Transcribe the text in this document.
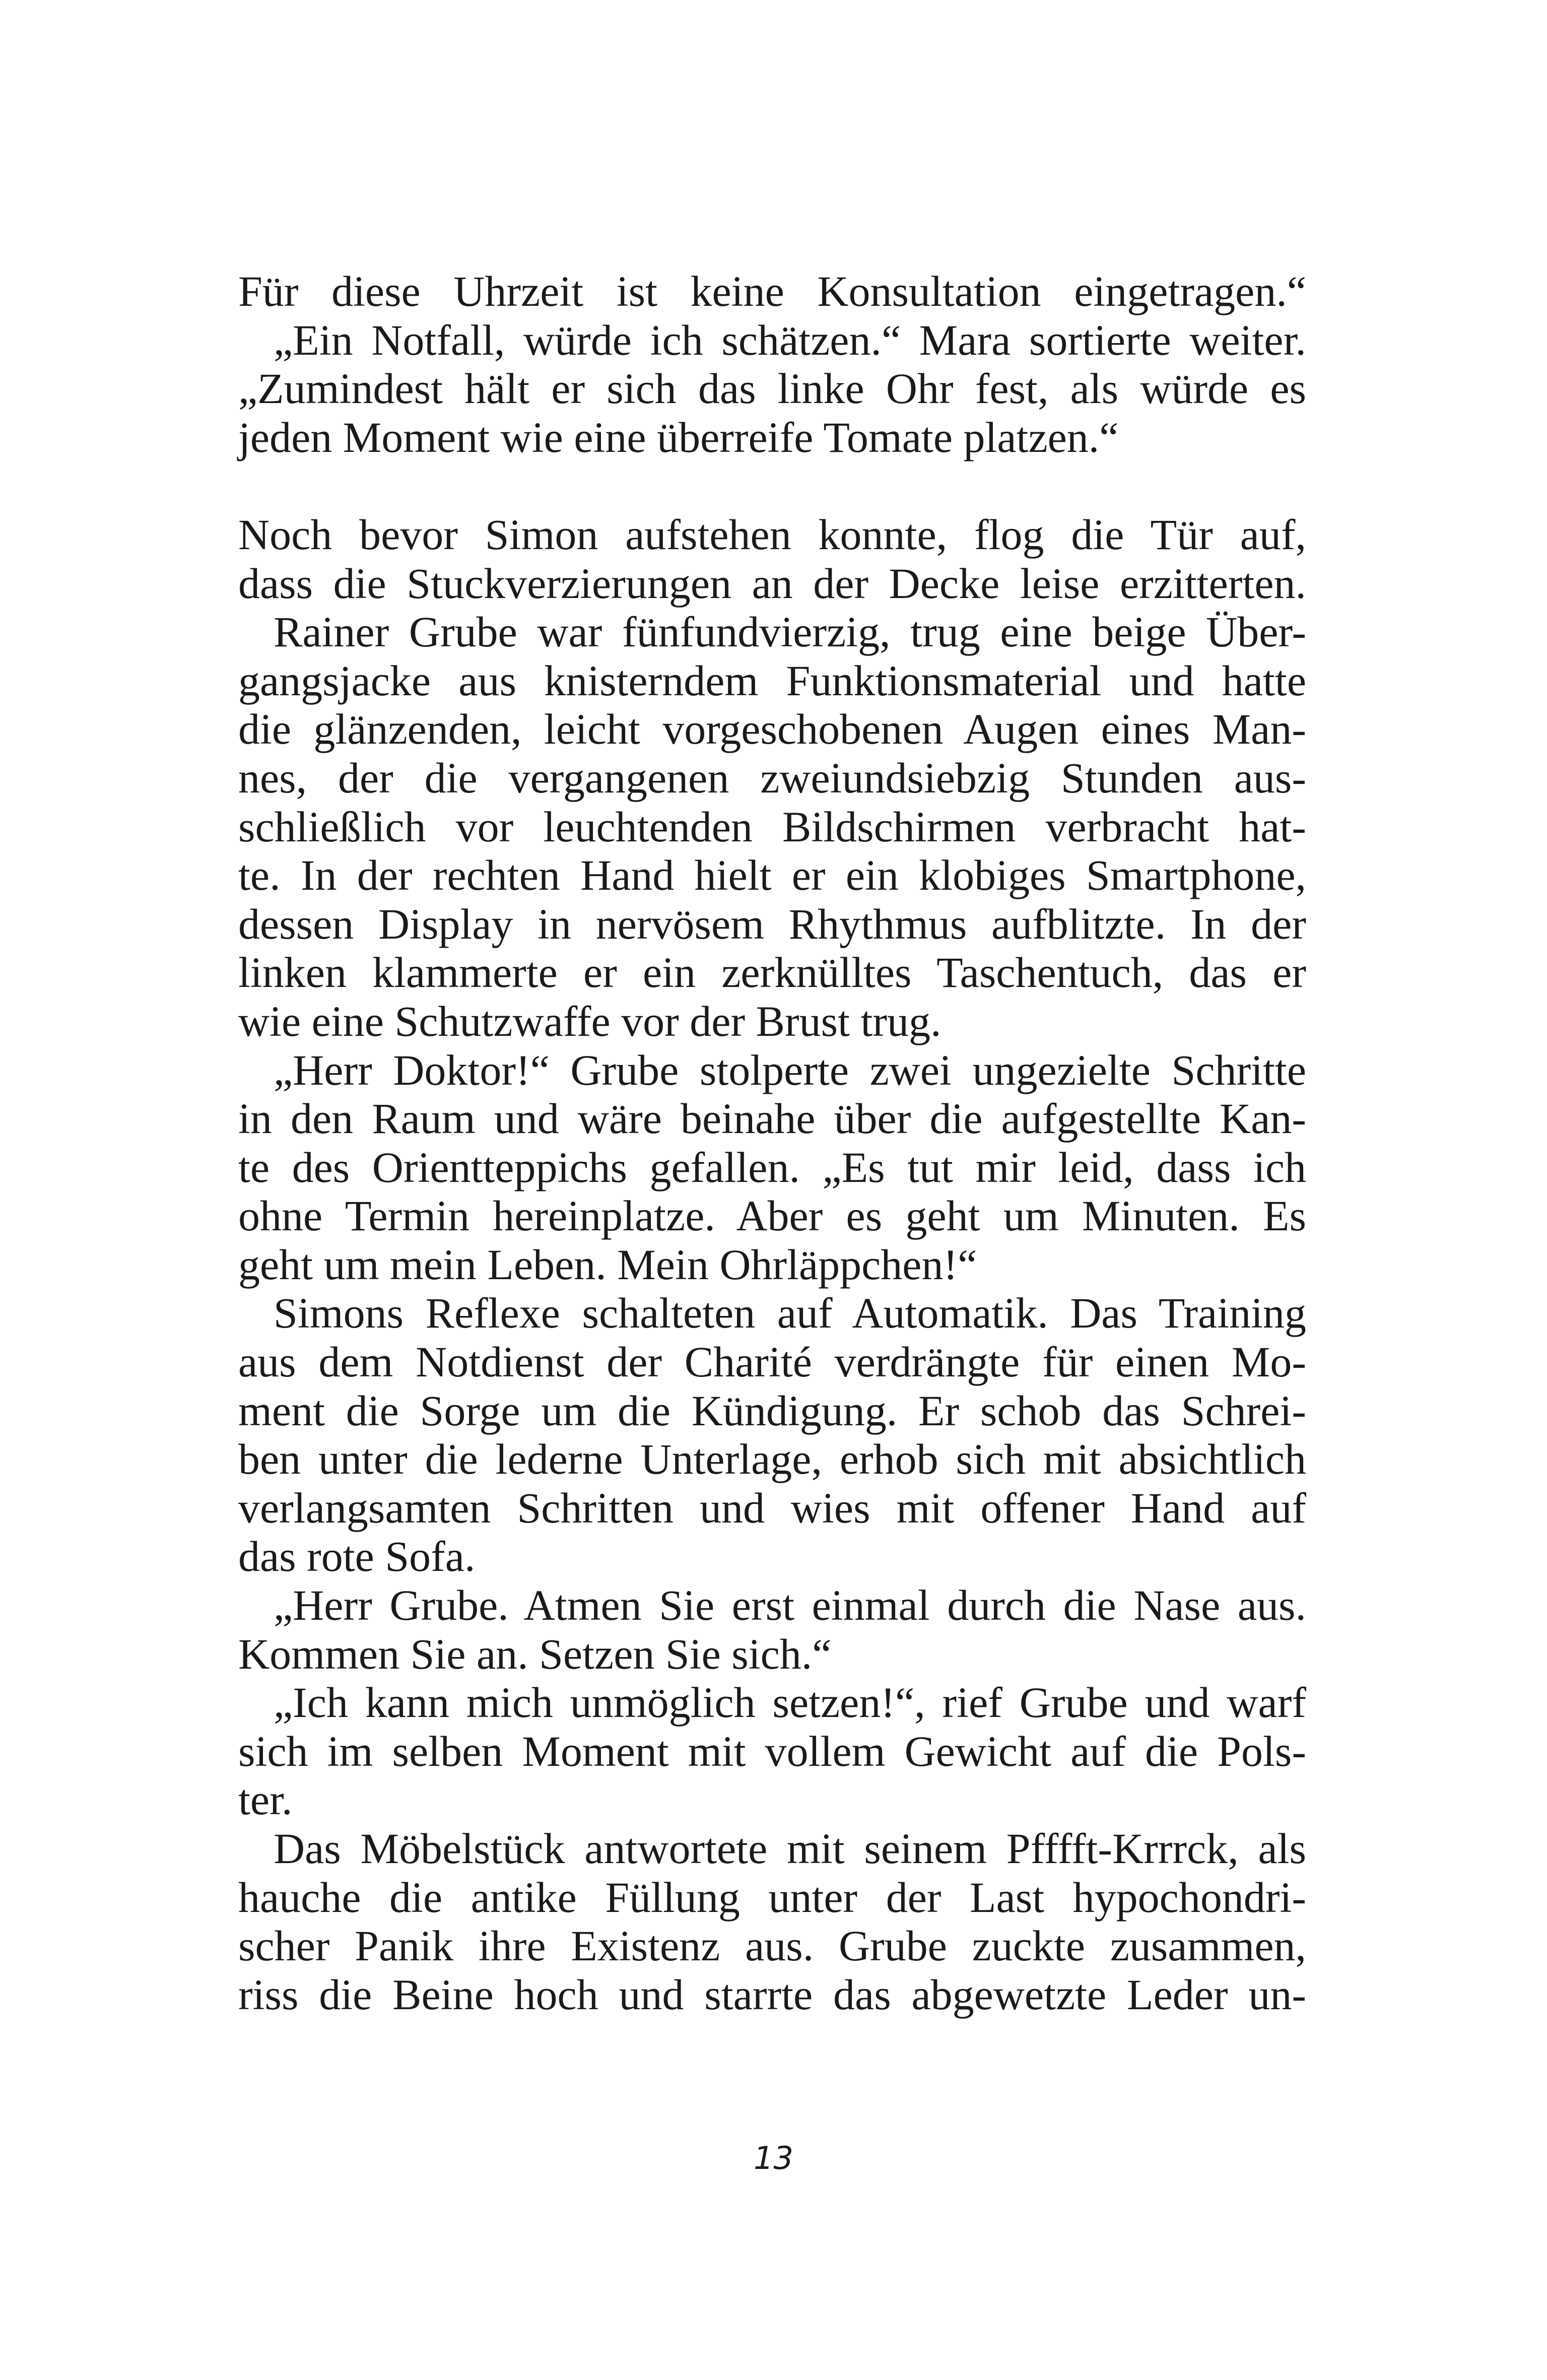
Für diese Uhrzeit ist keine Konsultation eingetragen.“
„Ein Notfall, würde ich schätzen.“ Mara sortierte weiter.
„Zumindest hält er sich das linke Ohr fest, als würde es
jeden Moment wie eine überreife Tomate platzen.“
Noch bevor Simon aufstehen konnte, flog die Tür auf,
dass die Stuckverzierungen an der Decke leise erzitterten.
Rainer Grube war fünfundvierzig, trug eine beige Über-
gangsjacke aus knisterndem Funktionsmaterial und hatte
die glänzenden, leicht vorgeschobenen Augen eines Man-
nes, der die vergangenen zweiundsiebzig Stunden aus-
schließlich vor leuchtenden Bildschirmen verbracht hat-
te. In der rechten Hand hielt er ein klobiges Smartphone,
dessen Display in nervösem Rhythmus aufblitzte. In der
linken klammerte er ein zerknülltes Taschentuch, das er
wie eine Schutzwaffe vor der Brust trug.
„Herr Doktor!“ Grube stolperte zwei ungezielte Schritte
in den Raum und wäre beinahe über die aufgestellte Kan-
te des Orientteppichs gefallen. „Es tut mir leid, dass ich
ohne Termin hereinplatze. Aber es geht um Minuten. Es
geht um mein Leben. Mein Ohrläppchen!“
Simons Reflexe schalteten auf Automatik. Das Training
aus dem Notdienst der Charité verdrängte für einen Mo-
ment die Sorge um die Kündigung. Er schob das Schrei-
ben unter die lederne Unterlage, erhob sich mit absichtlich
verlangsamten Schritten und wies mit offener Hand auf
das rote Sofa.
„Herr Grube. Atmen Sie erst einmal durch die Nase aus.
Kommen Sie an. Setzen Sie sich.“
„Ich kann mich unmöglich setzen!“, rief Grube und warf
sich im selben Moment mit vollem Gewicht auf die Pols-
ter.
Das Möbelstück antwortete mit seinem Pfffft-Krrrck, als
hauche die antike Füllung unter der Last hypochondri-
scher Panik ihre Existenz aus. Grube zuckte zusammen,
riss die Beine hoch und starrte das abgewetzte Leder un-
13
